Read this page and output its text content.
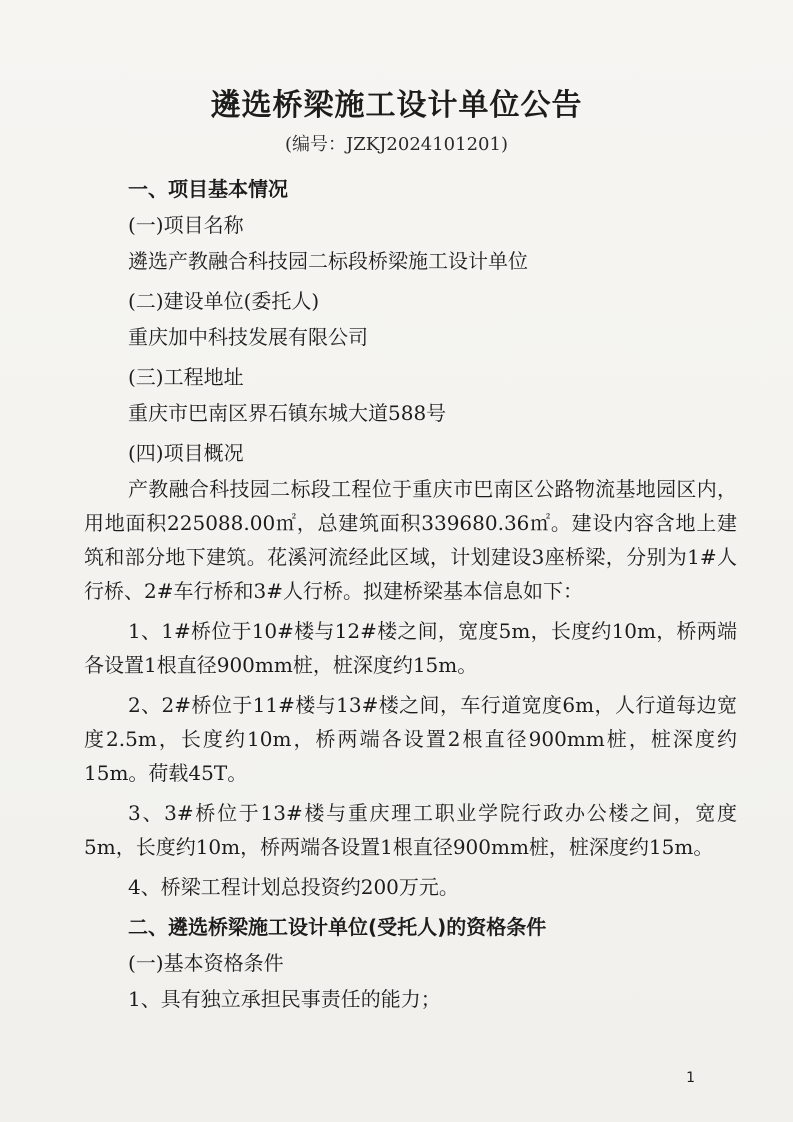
遴选桥梁施工设计单位公告
(编号：JZKJ2024101201)

一、项目基本情况

(一)项目名称

遴选产教融合科技园二标段桥梁施工设计单位

(二)建设单位(委托人)

重庆加中科技发展有限公司

(三)工程地址

重庆市巴南区界石镇东城大道588号

(四)项目概况

产教融合科技园二标段工程位于重庆市巴南区公路物流基地园区内，用地面积225088.00㎡，总建筑面积339680.36㎡。建设内容含地上建筑和部分地下建筑。花溪河流经此区域，计划建设3座桥梁，分别为1#人行桥、2#车行桥和3#人行桥。拟建桥梁基本信息如下：

1、1#桥位于10#楼与12#楼之间，宽度5m，长度约10m，桥两端各设置1根直径900mm桩，桩深度约15m。

2、2#桥位于11#楼与13#楼之间，车行道宽度6m，人行道每边宽度2.5m，长度约10m，桥两端各设置2根直径900mm桩，桩深度约15m。荷载45T。

3、3#桥位于13#楼与重庆理工职业学院行政办公楼之间，宽度5m，长度约10m，桥两端各设置1根直径900mm桩，桩深度约15m。

4、桥梁工程计划总投资约200万元。

二、遴选桥梁施工设计单位(受托人)的资格条件

(一)基本资格条件

1、具有独立承担民事责任的能力；

1
